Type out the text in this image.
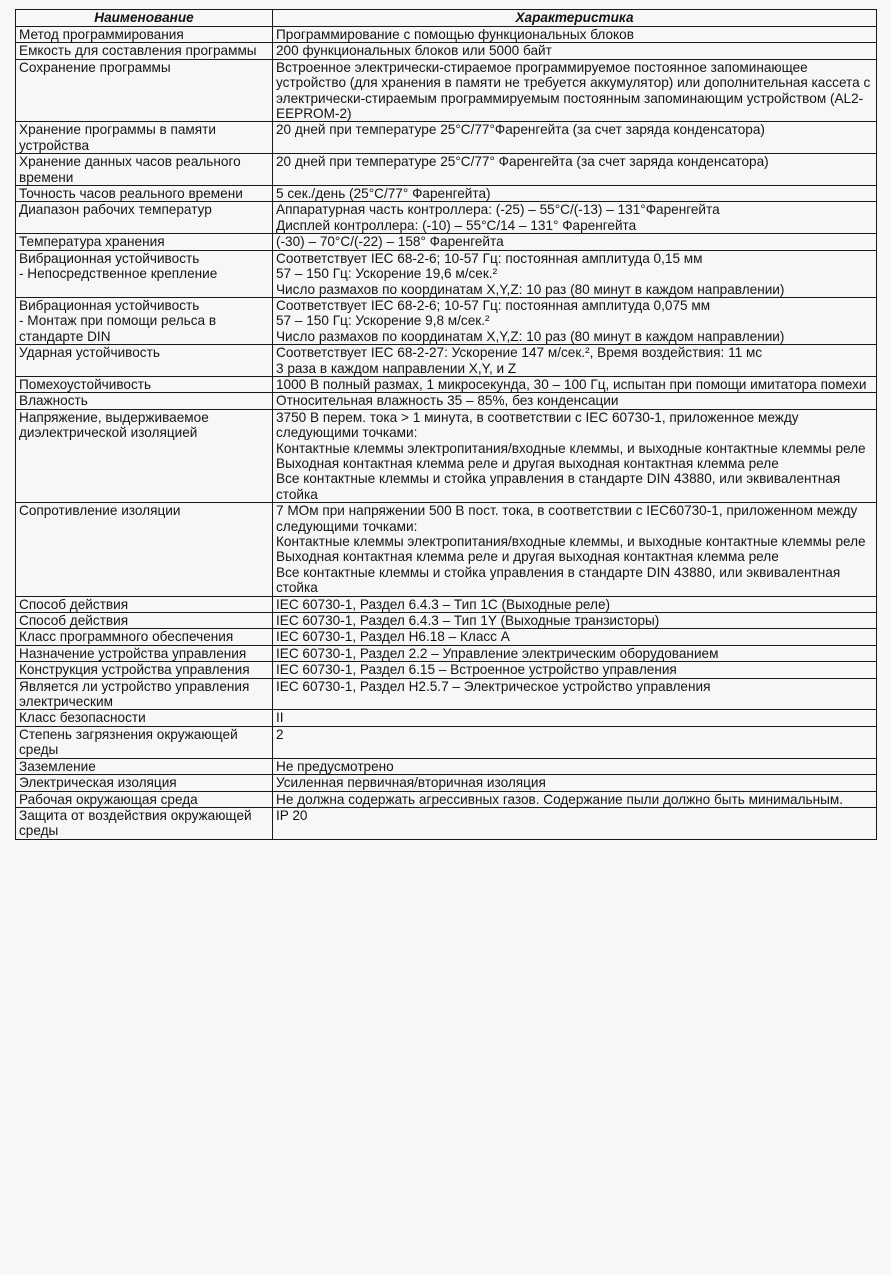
Наименование	Характеристика

Метод программирования	Программирование с помощью функциональных блоков

Емкость для составления программы	200 функциональных блоков или 5000 байт

Сохранение программы	Встроенное электрически-стираемое программируемое постоянное запоминающее устройство (для хранения в памяти не требуется аккумулятор) или дополнительная кассета с электрически-стираемым программируемым постоянным запоминающим устройством (AL2-EEPROM-2)

Хранение программы в памяти устройства	20 дней при температуре 25°C/77°Фаренгейта (за счет заряда конденсатора)

Хранение данных часов реального времени	20 дней при температуре 25°C/77° Фаренгейта (за счет заряда конденсатора)

Точность часов реального времени	5 сек./день (25°C/77° Фаренгейта)

Диапазон рабочих температур	Аппаратурная часть контроллера: (-25) – 55°C/(-13) – 131°Фаренгейта
Дисплей контроллера: (-10) – 55°C/14 – 131° Фаренгейта

Температура хранения	(-30) – 70°C/(-22) – 158° Фаренгейта

Вибрационная устойчивость
- Непосредственное крепление	Соответствует IEC 68-2-6; 10-57 Гц: постоянная амплитуда 0,15 мм
57 – 150 Гц: Ускорение 19,6 м/сек.²
Число размахов по координатам X,Y,Z: 10 раз (80 минут в каждом направлении)

Вибрационная устойчивость
- Монтаж при помощи рельса в стандарте DIN	Соответствует IEC 68-2-6; 10-57 Гц: постоянная амплитуда 0,075 мм
57 – 150 Гц: Ускорение 9,8 м/сек.²
Число размахов по координатам X,Y,Z: 10 раз (80 минут в каждом направлении)

Ударная устойчивость	Соответствует IEC 68-2-27: Ускорение 147 м/сек.², Время воздействия: 11 мс
3 раза в каждом направлении X,Y, и Z

Помехоустойчивость	1000 В полный размах, 1 микросекунда, 30 – 100 Гц, испытан при помощи имитатора помехи

Влажность	Относительная влажность 35 – 85%, без конденсации

Напряжение, выдерживаемое диэлектрической изоляцией	3750 В перем. тока > 1 минута, в соответствии с IEC 60730-1, приложенное между следующими точками:
Контактные клеммы электропитания/входные клеммы, и выходные контактные клеммы реле
Выходная контактная клемма реле и другая выходная контактная клемма реле
Все контактные клеммы и стойка управления в стандарте DIN 43880, или эквивалентная стойка

Сопротивление изоляции	7 МОм при напряжении 500 В пост. тока, в соответствии с IEC60730-1, приложенном между следующими точками:
Контактные клеммы электропитания/входные клеммы, и выходные контактные клеммы реле
Выходная контактная клемма реле и другая выходная контактная клемма реле
Все контактные клеммы и стойка управления в стандарте DIN 43880, или эквивалентная стойка

Способ действия	IEC 60730-1, Раздел 6.4.3 – Тип 1C (Выходные реле)

Способ действия	IEC 60730-1, Раздел 6.4.3 – Тип 1Y (Выходные транзисторы)

Класс программного обеспечения	IEC 60730-1, Раздел H6.18 – Класс A

Назначение устройства управления	IEC 60730-1, Раздел 2.2 – Управление электрическим оборудованием

Конструкция устройства управления	IEC 60730-1, Раздел 6.15 – Встроенное устройство управления

Является ли устройство управления электрическим	IEC 60730-1, Раздел H2.5.7 – Электрическое устройство управления

Класс безопасности	II

Степень загрязнения окружающей среды	2

Заземление	Не предусмотрено

Электрическая изоляция	Усиленная первичная/вторичная изоляция

Рабочая окружающая среда	Не должна содержать агрессивных газов. Содержание пыли должно быть минимальным.

Защита от воздействия окружающей среды	IP 20
